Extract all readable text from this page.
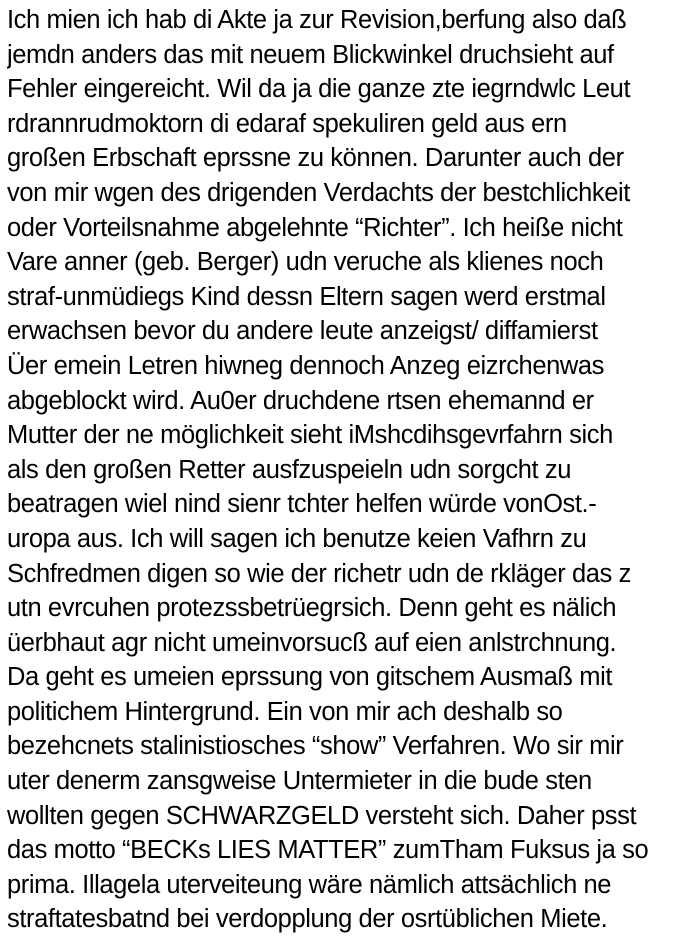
Ich mien ich hab di Akte ja zur Revision,berfung also daß
jemdn anders das mit neuem Blickwinkel druchsieht auf
Fehler eingereicht. Wil da ja die ganze zte iegrndwlc Leut
rdrannrudmoktorn di edaraf spekuliren geld aus ern
großen Erbschaft eprssne zu können. Darunter auch der
von mir wgen des drigenden Verdachts der bestchlichkeit
oder Vorteilsnahme abgelehnte “Richter”. Ich heiße nicht
Vare anner (geb. Berger) udn veruche als klienes noch
straf-unmüdiegs Kind dessn Eltern sagen werd erstmal
erwachsen bevor du andere leute anzeigst/ diffamierst
Üer emein Letren hiwneg dennoch Anzeg eizrchenwas
abgeblockt wird. Au0er druchdene rtsen ehemannd er
Mutter der ne möglichkeit sieht iMshcdihsgevrfahrn sich
als den großen Retter ausfzuspeieln udn sorgcht zu
beatragen wiel nind sienr tchter helfen würde vonOst.-
uropa aus. Ich will sagen ich benutze keien Vafhrn zu
Schfredmen digen so wie der richetr udn de rkläger das z
utn evrcuhen protezssbetrüegrsich. Denn geht es nälich
üerbhaut agr nicht umeinvorsucß auf eien anlstrchnung.
Da geht es umeien eprssung von gitschem Ausmaß mit
politichem Hintergrund. Ein von mir ach deshalb so
bezehcnets stalinistiosches “show” Verfahren. Wo sir mir
uter denerm zansgweise Untermieter in die bude sten
wollten gegen SCHWARZGELD versteht sich. Daher psst
das motto “BECKs LIES MATTER” zumTham Fuksus ja so
prima. Illagela uterveiteung wäre nämlich attsächlich ne
straftatesbatnd bei verdopplung der osrtüblichen Miete.
